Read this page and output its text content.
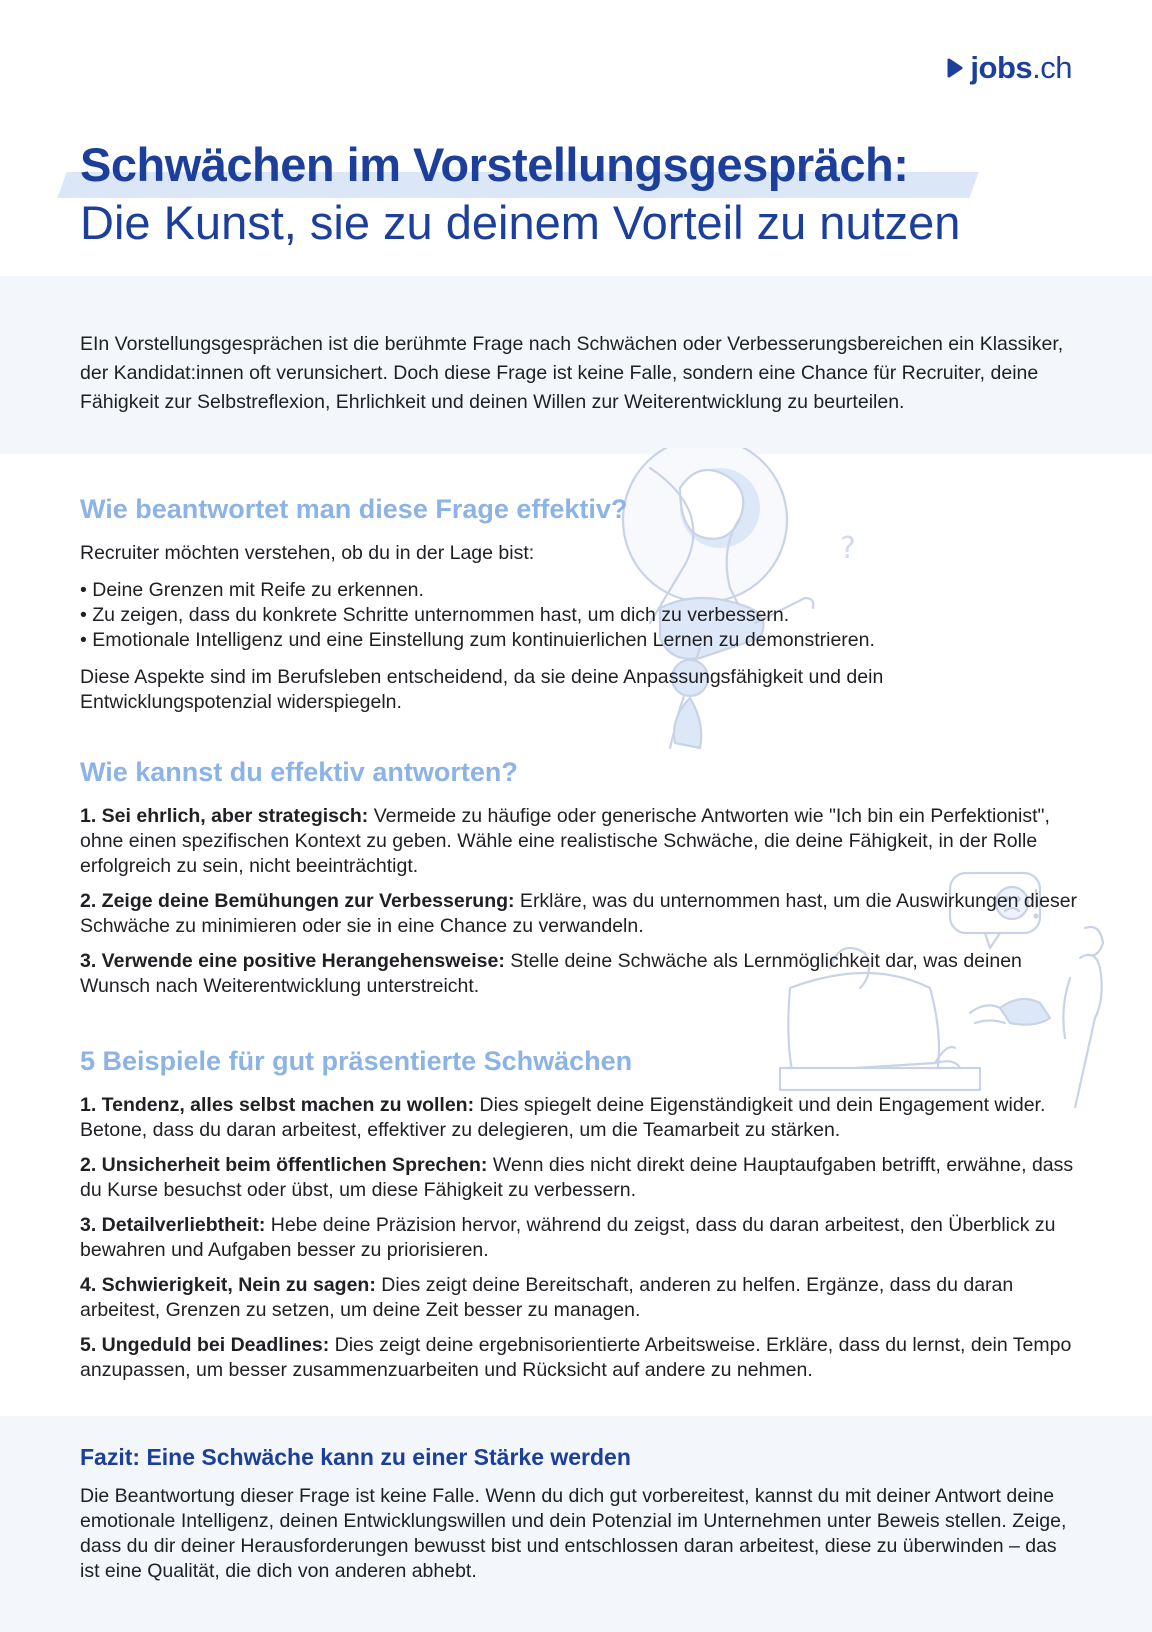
jobs.ch
Schwächen im Vorstellungsgespräch:
Die Kunst, sie zu deinem Vorteil zu nutzen

EIn Vorstellungsgesprächen ist die berühmte Frage nach Schwächen oder Verbesserungsbereichen ein Klassiker, der Kandidat:innen oft verunsichert. Doch diese Frage ist keine Falle, sondern eine Chance für Recruiter, deine Fähigkeit zur Selbstreflexion, Ehrlichkeit und deinen Willen zur Weiterentwicklung zu beurteilen.

?
Wie beantwortet man diese Frage effektiv?

Recruiter möchten verstehen, ob du in der Lage bist:

• Deine Grenzen mit Reife zu erkennen.
• Zu zeigen, dass du konkrete Schritte unternommen hast, um dich zu verbessern.
• Emotionale Intelligenz und eine Einstellung zum kontinuierlichen Lernen zu demonstrieren.

Diese Aspekte sind im Berufsleben entscheidend, da sie deine Anpassungsfähigkeit und dein Entwicklungspotenzial widerspiegeln.

Wie kannst du effektiv antworten?

1. Sei ehrlich, aber strategisch: Vermeide zu häufige oder generische Antworten wie "Ich bin ein Perfektionist", ohne einen spezifischen Kontext zu geben. Wähle eine realistische Schwäche, die deine Fähigkeit, in der Rolle erfolgreich zu sein, nicht beeinträchtigt.

2. Zeige deine Bemühungen zur Verbesserung: Erkläre, was du unternommen hast, um die Auswirkungen dieser Schwäche zu minimieren oder sie in eine Chance zu verwandeln.

3. Verwende eine positive Herangehensweise: Stelle deine Schwäche als Lernmöglichkeit dar, was deinen Wunsch nach Weiterentwicklung unterstreicht.

5 Beispiele für gut präsentierte Schwächen

1. Tendenz, alles selbst machen zu wollen: Dies spiegelt deine Eigenständigkeit und dein Engagement wider. Betone, dass du daran arbeitest, effektiver zu delegieren, um die Teamarbeit zu stärken.

2. Unsicherheit beim öffentlichen Sprechen: Wenn dies nicht direkt deine Hauptaufgaben betrifft, erwähne, dass du Kurse besuchst oder übst, um diese Fähigkeit zu verbessern.

3. Detailverliebtheit: Hebe deine Präzision hervor, während du zeigst, dass du daran arbeitest, den Überblick zu bewahren und Aufgaben besser zu priorisieren.

4. Schwierigkeit, Nein zu sagen: Dies zeigt deine Bereitschaft, anderen zu helfen. Ergänze, dass du daran arbeitest, Grenzen zu setzen, um deine Zeit besser zu managen.

5. Ungeduld bei Deadlines: Dies zeigt deine ergebnisorientierte Arbeitsweise. Erkläre, dass du lernst, dein Tempo anzupassen, um besser zusammenzuarbeiten und Rücksicht auf andere zu nehmen.

Fazit: Eine Schwäche kann zu einer Stärke werden

Die Beantwortung dieser Frage ist keine Falle. Wenn du dich gut vorbereitest, kannst du mit deiner Antwort deine emotionale Intelligenz, deinen Entwicklungswillen und dein Potenzial im Unternehmen unter Beweis stellen. Zeige, dass du dir deiner Herausforderungen bewusst bist und entschlossen daran arbeitest, diese zu überwinden – das ist eine Qualität, die dich von anderen abhebt.
